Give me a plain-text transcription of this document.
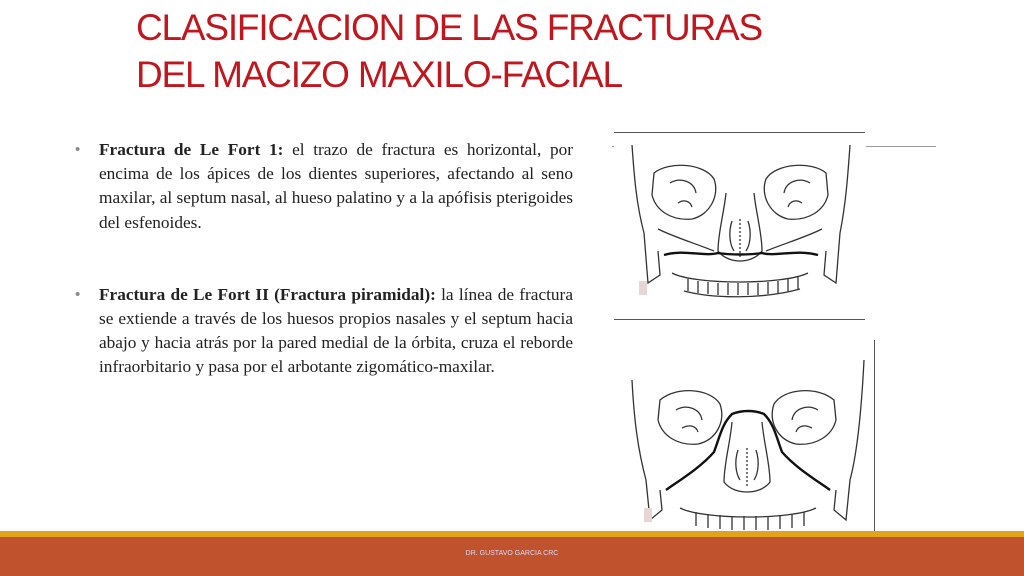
CLASIFICACION DE LAS FRACTURAS
DEL MACIZO MAXILO-FACIAL
• Fractura de Le Fort 1: el trazo de fractura es horizontal, por encima de los ápices de los dientes superiores, afectando al seno maxilar, al septum nasal, al hueso palatino y a la apófisis pterigoides del esfenoides.
• Fractura de Le Fort II (Fractura piramidal): la línea de fractura se extiende a través de los huesos propios nasales y el septum hacia abajo y hacia atrás por la pared medial de la órbita, cruza el reborde infraorbitario y pasa por el arbotante zigomático-maxilar.
DR. GUSTAVO GARCIA CRC
